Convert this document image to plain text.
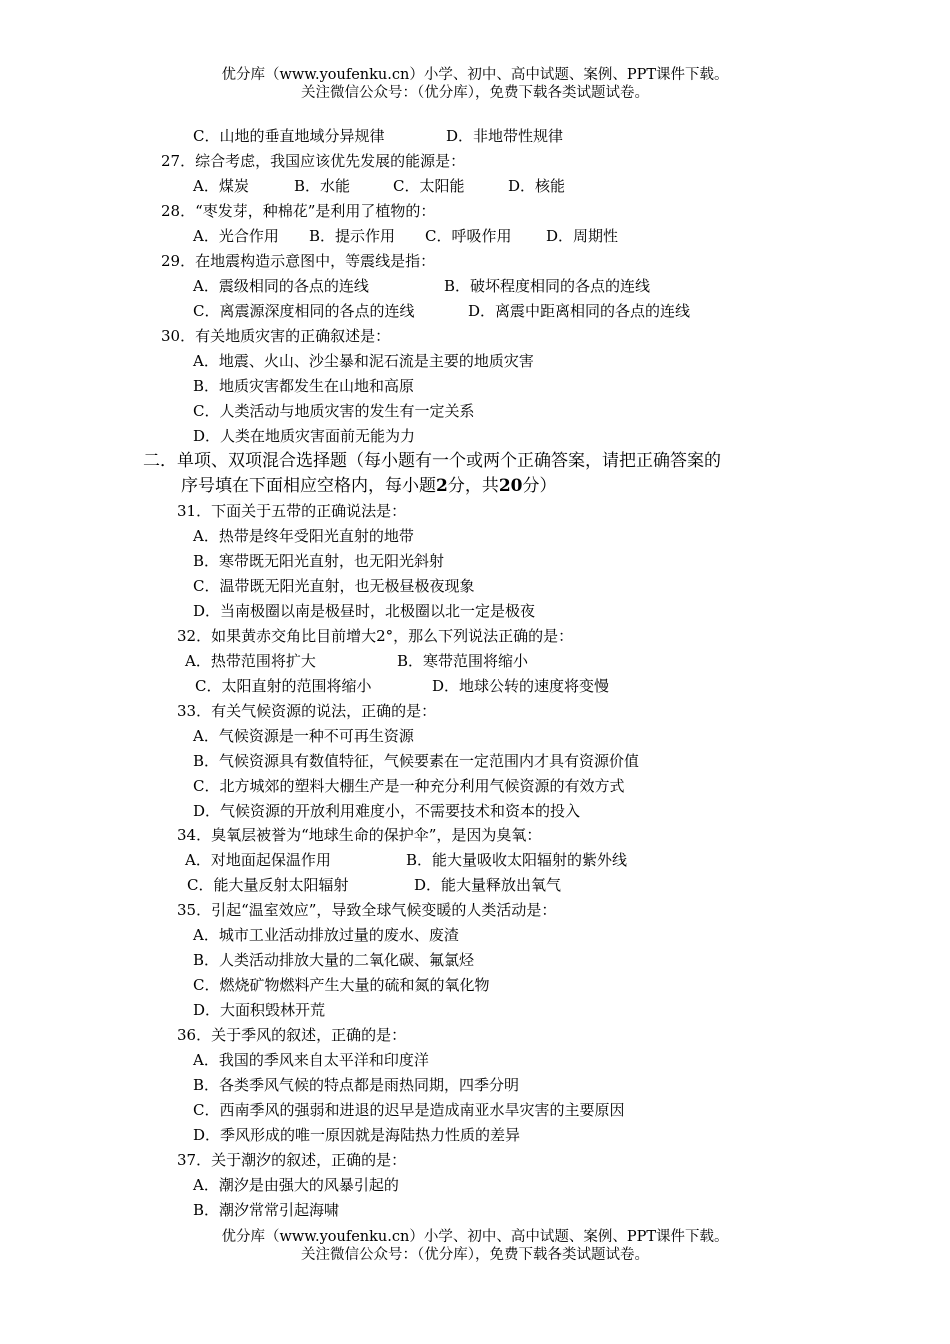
优分库（www.youfenku.cn）小学、初中、高中试题、案例、PPT课件下载。
关注微信公众号：（优分库），免费下载各类试题试卷。
C．山地的垂直地域分异规律	D．非地带性规律
27．综合考虑，我国应该优先发展的能源是：
A．煤炭	B．水能	C．太阳能	D．核能
28．“枣发芽，种棉花”是利用了植物的：
A．光合作用 B．提示作用 C．呼吸作用 D．周期性
29．在地震构造示意图中，等震线是指：
A．震级相同的各点的连线	B．破坏程度相同的各点的连线
C．离震源深度相同的各点的连线	D．离震中距离相同的各点的连线
30．有关地质灾害的正确叙述是：
A．地震、火山、沙尘暴和泥石流是主要的地质灾害
B．地质灾害都发生在山地和高原
C．人类活动与地质灾害的发生有一定关系
D．人类在地质灾害面前无能为力
二．单项、双项混合选择题（每小题有一个或两个正确答案，请把正确答案的
序号填在下面相应空格内，每小题2分，共20分）
31．下面关于五带的正确说法是：
A．热带是终年受阳光直射的地带
B．寒带既无阳光直射，也无阳光斜射
C．温带既无阳光直射，也无极昼极夜现象
D．当南极圈以南是极昼时，北极圈以北一定是极夜
32．如果黄赤交角比目前增大2°，那么下列说法正确的是：
A．热带范围将扩大	B．寒带范围将缩小
C．太阳直射的范围将缩小	D．地球公转的速度将变慢
33．有关气候资源的说法，正确的是：
A．气候资源是一种不可再生资源
B．气候资源具有数值特征，气候要素在一定范围内才具有资源价值
C．北方城郊的塑料大棚生产是一种充分利用气候资源的有效方式
D．气候资源的开放利用难度小，不需要技术和资本的投入
34．臭氧层被誉为“地球生命的保护伞”，是因为臭氧：
A．对地面起保温作用	B．能大量吸收太阳辐射的紫外线
C．能大量反射太阳辐射	D．能大量释放出氧气
35．引起“温室效应”，导致全球气候变暖的人类活动是：
A．城市工业活动排放过量的废水、废渣
B．人类活动排放大量的二氧化碳、氟氯烃
C．燃烧矿物燃料产生大量的硫和氮的氧化物
D．大面积毁林开荒
36．关于季风的叙述，正确的是：
A．我国的季风来自太平洋和印度洋
B．各类季风气候的特点都是雨热同期，四季分明
C．西南季风的强弱和进退的迟早是造成南亚水旱灾害的主要原因
D．季风形成的唯一原因就是海陆热力性质的差异
37．关于潮汐的叙述，正确的是：
A．潮汐是由强大的风暴引起的
B．潮汐常常引起海啸
优分库（www.youfenku.cn）小学、初中、高中试题、案例、PPT课件下载。
关注微信公众号：（优分库），免费下载各类试题试卷。
